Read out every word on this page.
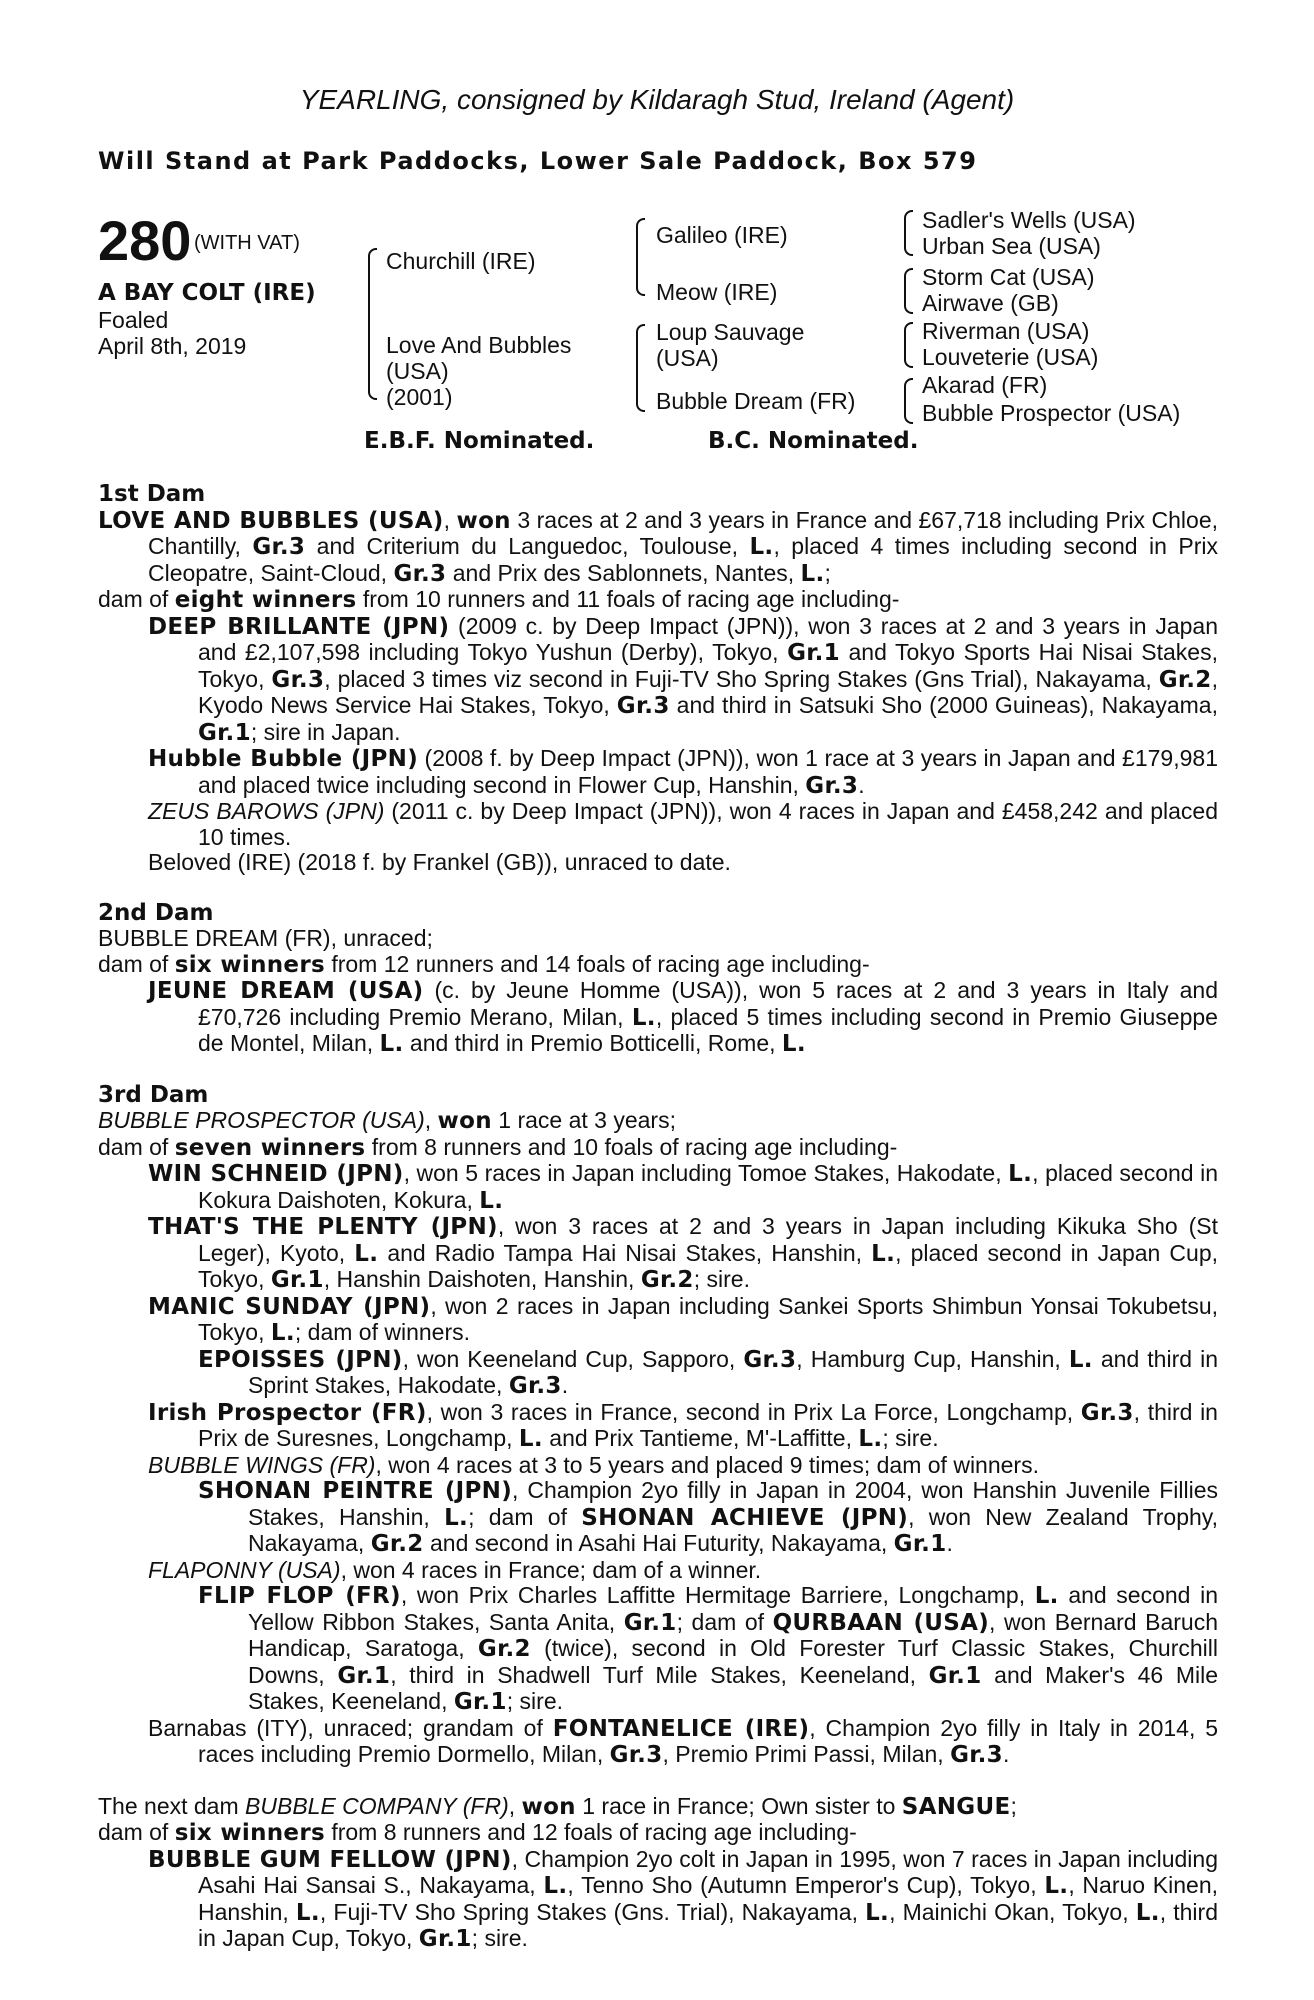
YEARLING, consigned by Kildaragh Stud, Ireland (Agent)
Will Stand at Park Paddocks, Lower Sale Paddock, Box 579
280 (WITH VAT)
A BAY COLT (IRE)
Foaled
April 8th, 2019
Churchill (IRE)
Love And Bubbles
(USA)
(2001)
Galileo (IRE)
Meow (IRE)
Loup Sauvage
(USA)
Bubble Dream (FR)
Sadler's Wells (USA)
Urban Sea (USA)
Storm Cat (USA)
Airwave (GB)
Riverman (USA)
Louveterie (USA)
Akarad (FR)
Bubble Prospector (USA)
E.B.F. Nominated.	B.C. Nominated.

1st Dam

LOVE AND BUBBLES (USA), won 3 races at 2 and 3 years in France and £67,718 including Prix Chloe, Chantilly, Gr.3 and Criterium du Languedoc, Toulouse, L., placed 4 times including second in Prix Cleopatre, Saint-Cloud, Gr.3 and Prix des Sablonnets, Nantes, L.;

dam of eight winners from 10 runners and 11 foals of racing age including-

DEEP BRILLANTE (JPN) (2009 c. by Deep Impact (JPN)), won 3 races at 2 and 3 years in Japan and £2,107,598 including Tokyo Yushun (Derby), Tokyo, Gr.1 and Tokyo Sports Hai Nisai Stakes, Tokyo, Gr.3, placed 3 times viz second in Fuji-TV Sho Spring Stakes (Gns Trial), Nakayama, Gr.2, Kyodo News Service Hai Stakes, Tokyo, Gr.3 and third in Satsuki Sho (2000 Guineas), Nakayama, Gr.1; sire in Japan.

Hubble Bubble (JPN) (2008 f. by Deep Impact (JPN)), won 1 race at 3 years in Japan and £179,981 and placed twice including second in Flower Cup, Hanshin, Gr.3.

ZEUS BAROWS (JPN) (2011 c. by Deep Impact (JPN)), won 4 races in Japan and £458,242 and placed 10 times.

Beloved (IRE) (2018 f. by Frankel (GB)), unraced to date.

2nd Dam

BUBBLE DREAM (FR), unraced;

dam of six winners from 12 runners and 14 foals of racing age including-

JEUNE DREAM (USA) (c. by Jeune Homme (USA)), won 5 races at 2 and 3 years in Italy and £70,726 including Premio Merano, Milan, L., placed 5 times including second in Premio Giuseppe de Montel, Milan, L. and third in Premio Botticelli, Rome, L.

3rd Dam

BUBBLE PROSPECTOR (USA), won 1 race at 3 years;

dam of seven winners from 8 runners and 10 foals of racing age including-

WIN SCHNEID (JPN), won 5 races in Japan including Tomoe Stakes, Hakodate, L., placed second in Kokura Daishoten, Kokura, L.

THAT'S THE PLENTY (JPN), won 3 races at 2 and 3 years in Japan including Kikuka Sho (St Leger), Kyoto, L. and Radio Tampa Hai Nisai Stakes, Hanshin, L., placed second in Japan Cup, Tokyo, Gr.1, Hanshin Daishoten, Hanshin, Gr.2; sire.

MANIC SUNDAY (JPN), won 2 races in Japan including Sankei Sports Shimbun Yonsai Tokubetsu, Tokyo, L.; dam of winners.

EPOISSES (JPN), won Keeneland Cup, Sapporo, Gr.3, Hamburg Cup, Hanshin, L. and third in Sprint Stakes, Hakodate, Gr.3.

Irish Prospector (FR), won 3 races in France, second in Prix La Force, Longchamp, Gr.3, third in Prix de Suresnes, Longchamp, L. and Prix Tantieme, M'-Laffitte, L.; sire.

BUBBLE WINGS (FR), won 4 races at 3 to 5 years and placed 9 times; dam of winners.

SHONAN PEINTRE (JPN), Champion 2yo filly in Japan in 2004, won Hanshin Juvenile Fillies Stakes, Hanshin, L.; dam of SHONAN ACHIEVE (JPN), won New Zealand Trophy, Nakayama, Gr.2 and second in Asahi Hai Futurity, Nakayama, Gr.1.

FLAPONNY (USA), won 4 races in France; dam of a winner.

FLIP FLOP (FR), won Prix Charles Laffitte Hermitage Barriere, Longchamp, L. and second in Yellow Ribbon Stakes, Santa Anita, Gr.1; dam of QURBAAN (USA), won Bernard Baruch Handicap, Saratoga, Gr.2 (twice), second in Old Forester Turf Classic Stakes, Churchill Downs, Gr.1, third in Shadwell Turf Mile Stakes, Keeneland, Gr.1 and Maker's 46 Mile Stakes, Keeneland, Gr.1; sire.

Barnabas (ITY), unraced; grandam of FONTANELICE (IRE), Champion 2yo filly in Italy in 2014, 5 races including Premio Dormello, Milan, Gr.3, Premio Primi Passi, Milan, Gr.3.

The next dam BUBBLE COMPANY (FR), won 1 race in France; Own sister to SANGUE;

dam of six winners from 8 runners and 12 foals of racing age including-

BUBBLE GUM FELLOW (JPN), Champion 2yo colt in Japan in 1995, won 7 races in Japan including Asahi Hai Sansai S., Nakayama, L., Tenno Sho (Autumn Emperor's Cup), Tokyo, L., Naruo Kinen, Hanshin, L., Fuji-TV Sho Spring Stakes (Gns. Trial), Nakayama, L., Mainichi Okan, Tokyo, L., third in Japan Cup, Tokyo, Gr.1; sire.
